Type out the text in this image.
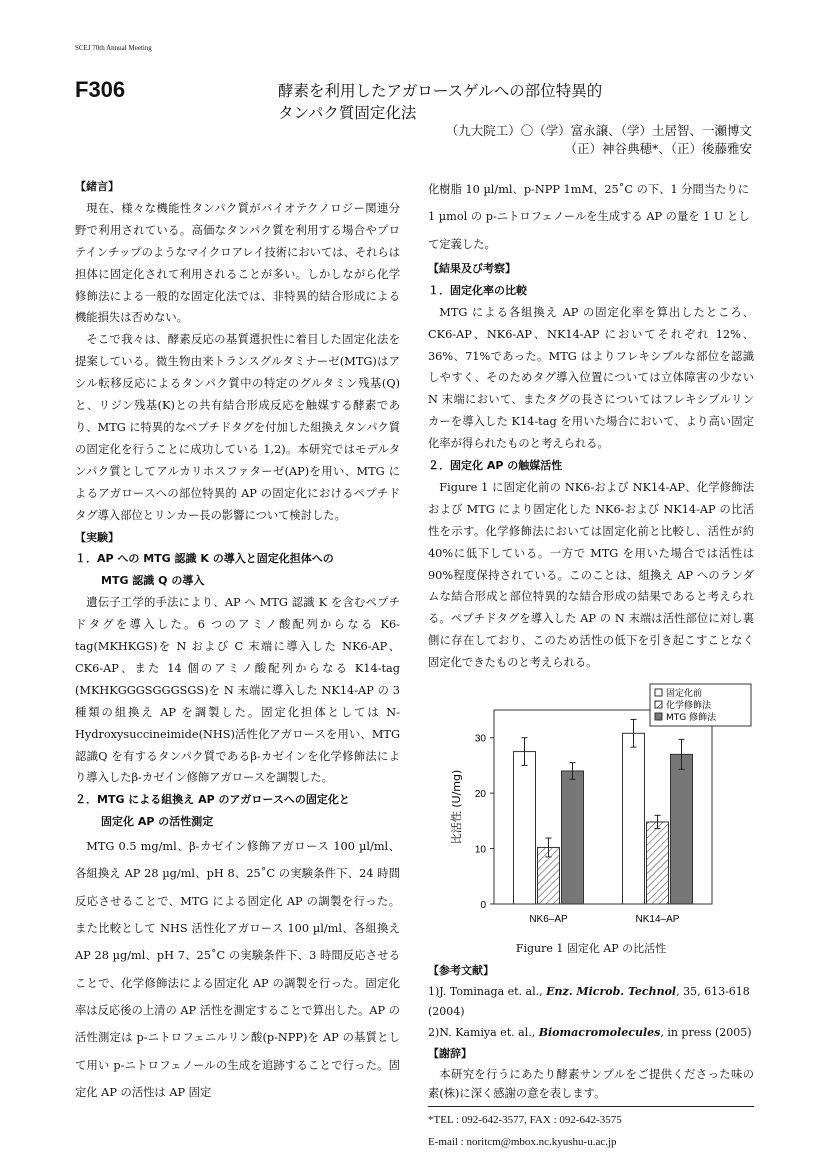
SCEJ 70th Annual Meeting
F306	酵素を利用したアガロースゲルへの部位特異的
タンパク質固定化法
（九大院工）〇（学）富永譲、（学）土居智、一瀬博文
（正）神谷典穂*、（正）後藤雅安
【緒言】

現在、様々な機能性タンパク質がバイオテクノロジー関連分野で利用されている。高価なタンパク質を利用する場合やプロテインチップのようなマイクロアレイ技術においては、それらは担体に固定化されて利用されることが多い。しかしながら化学修飾法による一般的な固定化法では、非特異的結合形成による機能損失は否めない。

そこで我々は、酵素反応の基質選択性に着目した固定化法を提案している。微生物由来トランスグルタミナーゼ(MTG)はアシル転移反応によるタンパク質中の特定のグルタミン残基(Q)と、リジン残基(K)との共有結合形成反応を触媒する酵素であり、MTG に特異的なペプチドタグを付加した組換えタンパク質の固定化を行うことに成功している 1,2)。本研究ではモデルタンパク質としてアルカリホスファターゼ(AP)を用い、MTG によるアガロースへの部位特異的 AP の固定化におけるペプチドタグ導入部位とリンカー長の影響について検討した。

【実験】
１．AP への MTG 認識 K の導入と固定化担体への
MTG 認識 Q の導入

遺伝子工学的手法により、AP へ MTG 認識 K を含むペプチドタグを導入した。6 つのアミノ酸配列からなる K6-tag(MKHKGS)を N および C 末端に導入した NK6-AP、CK6-AP、また 14 個のアミノ酸配列からなる K14-tag (MKHKGGGSGGGSGS)を N 末端に導入した NK14-AP の 3 種類の組換え AP を調製した。固定化担体としては N-Hydroxysuccineimide(NHS)活性化アガロースを用い、MTG 認識Q を有するタンパク質であるβ-カゼインを化学修飾法により導入したβ-カゼイン修飾アガロースを調製した。

２．MTG による組換え AP のアガロースへの固定化と
固定化 AP の活性測定

MTG 0.5 mg/ml、β-カゼイン修飾アガロース 100 µl/ml、各組換え AP 28 µg/ml、pH 8、25˚C の実験条件下、24 時間反応させることで、MTG による固定化 AP の調製を行った。また比較として NHS 活性化アガロース 100 µl/ml、各組換え AP 28 µg/ml、pH 7、25˚C の実験条件下、3 時間反応させることで、化学修飾法による固定化 AP の調製を行った。固定化率は反応後の上清の AP 活性を測定することで算出した。AP の活性測定は p-ニトロフェニルリン酸(p-NPP)を AP の基質として用い p-ニトロフェノールの生成を追跡することで行った。固定化 AP の活性は AP 固定

化樹脂 10 µl/ml、p-NPP 1mM、25˚C の下、1 分間当たりに 1 µmol の p-ニトロフェノールを生成する AP の量を 1 U として定義した。

【結果及び考察】
１．固定化率の比較

MTG による各組換え AP の固定化率を算出したところ、CK6-AP、NK6-AP、NK14-AP においてそれぞれ 12%、36%、71%であった。MTG はよりフレキシブルな部位を認識しやすく、そのためタグ導入位置については立体障害の少ない N 末端において、またタグの長さについてはフレキシブルリンカーを導入した K14-tag を用いた場合において、より高い固定化率が得られたものと考えられる。

２．固定化 AP の触媒活性

Figure 1 に固定化前の NK6-および NK14-AP、化学修飾法および MTG により固定化した NK6-および NK14-AP の比活性を示す。化学修飾法においては固定化前と比較し、活性が約 40%に低下している。一方で MTG を用いた場合では活性は 90%程度保持されている。このことは、組換え AP へのランダムな結合形成と部位特異的な結合形成の結果であると考えられる。ペプチドタグを導入した AP の N 末端は活性部位に対し裏側に存在しており、このため活性の低下を引き起こすことなく固定化できたものと考えられる。

0
10
20
30
比活性 (U/mg)
NK6–AP	NK14–AP
固定化前
化学修飾法
MTG 修飾法
Figure 1 固定化 AP の比活性
【参考文献】
1)J. Tominaga et. al., Enz. Microb. Technol, 35, 613-618 (2004)
2)N. Kamiya et. al., Biomacromolecules, in press (2005)
【謝辞】

本研究を行うにあたり酵素サンプルをご提供くださった味の素(株)に深く感謝の意を表します。

*TEL : 092-642-3577, FAX : 092-642-3575
E-mail : noritcm@mbox.nc.kyushu-u.ac.jp
